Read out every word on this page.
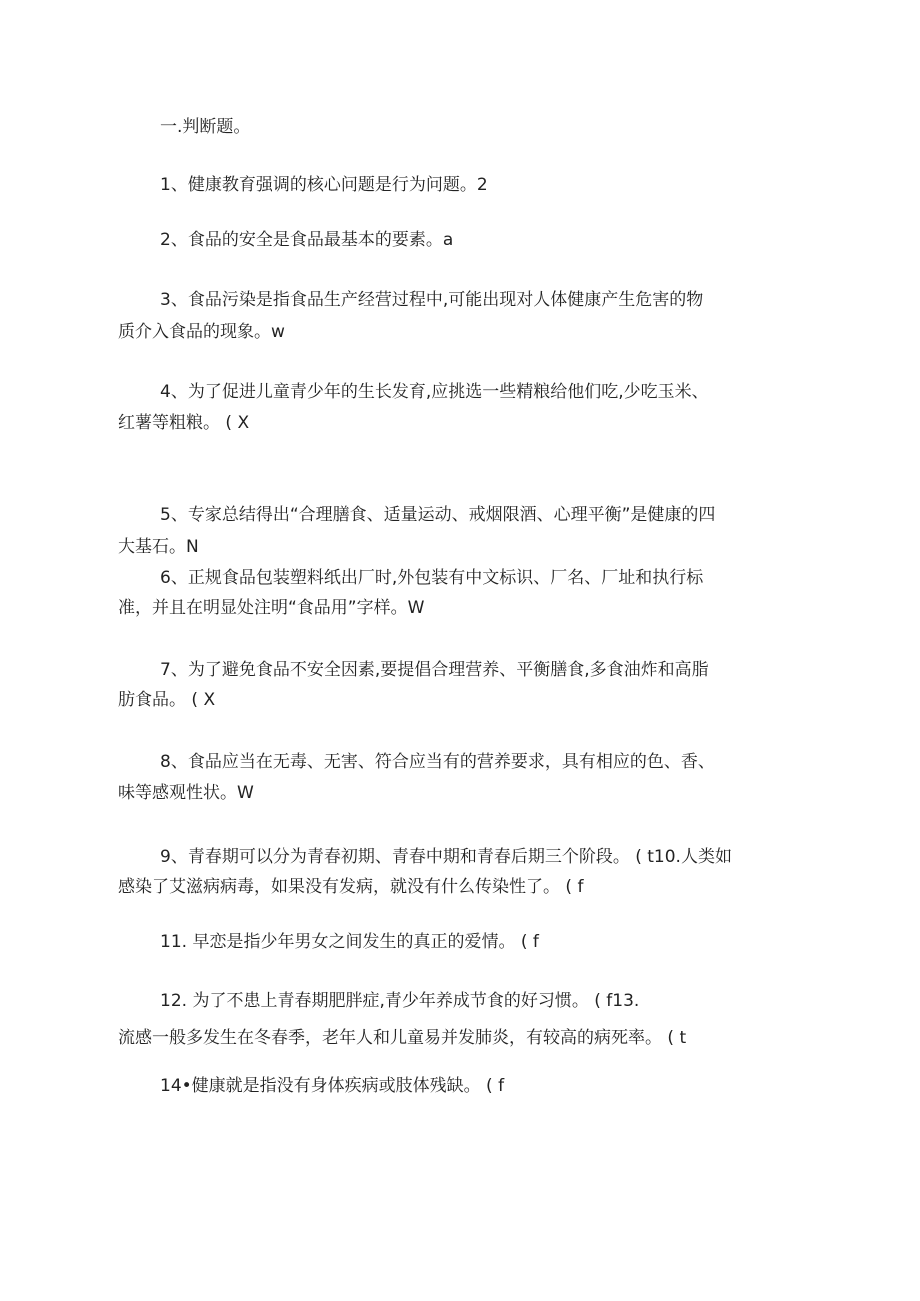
一.判断题。
1、健康教育强调的核心问题是行为问题。2
2、食品的安全是食品最基本的要素。a
3、食品污染是指食品生产经营过程中,可能出现对人体健康产生危害的物
质介入食品的现象。w
4、为了促进儿童青少年的生长发育,应挑选一些精粮给他们吃,少吃玉米、
红薯等粗粮。 ( X
5、专家总结得出“合理膳食、适量运动、戒烟限酒、心理平衡”是健康的四
大基石。N
6、正规食品包装塑料纸出厂时,外包装有中文标识、厂名、厂址和执行标
准，并且在明显处注明“食品用”字样。W
7、为了避免食品不安全因素,要提倡合理营养、平衡膳食,多食油炸和高脂
肪食品。 ( X
8、食品应当在无毒、无害、符合应当有的营养要求，具有相应的色、香、
味等感观性状。W
9、青春期可以分为青春初期、青春中期和青春后期三个阶段。 ( t10.人类如
感染了艾滋病病毒，如果没有发病，就没有什么传染性了。 ( f
11. 早恋是指少年男女之间发生的真正的爱情。 ( f
12. 为了不患上青春期肥胖症,青少年养成节食的好习惯。 ( f13.
流感一般多发生在冬春季，老年人和儿童易并发肺炎，有较高的病死率。 ( t
14•健康就是指没有身体疾病或肢体残缺。 ( f
